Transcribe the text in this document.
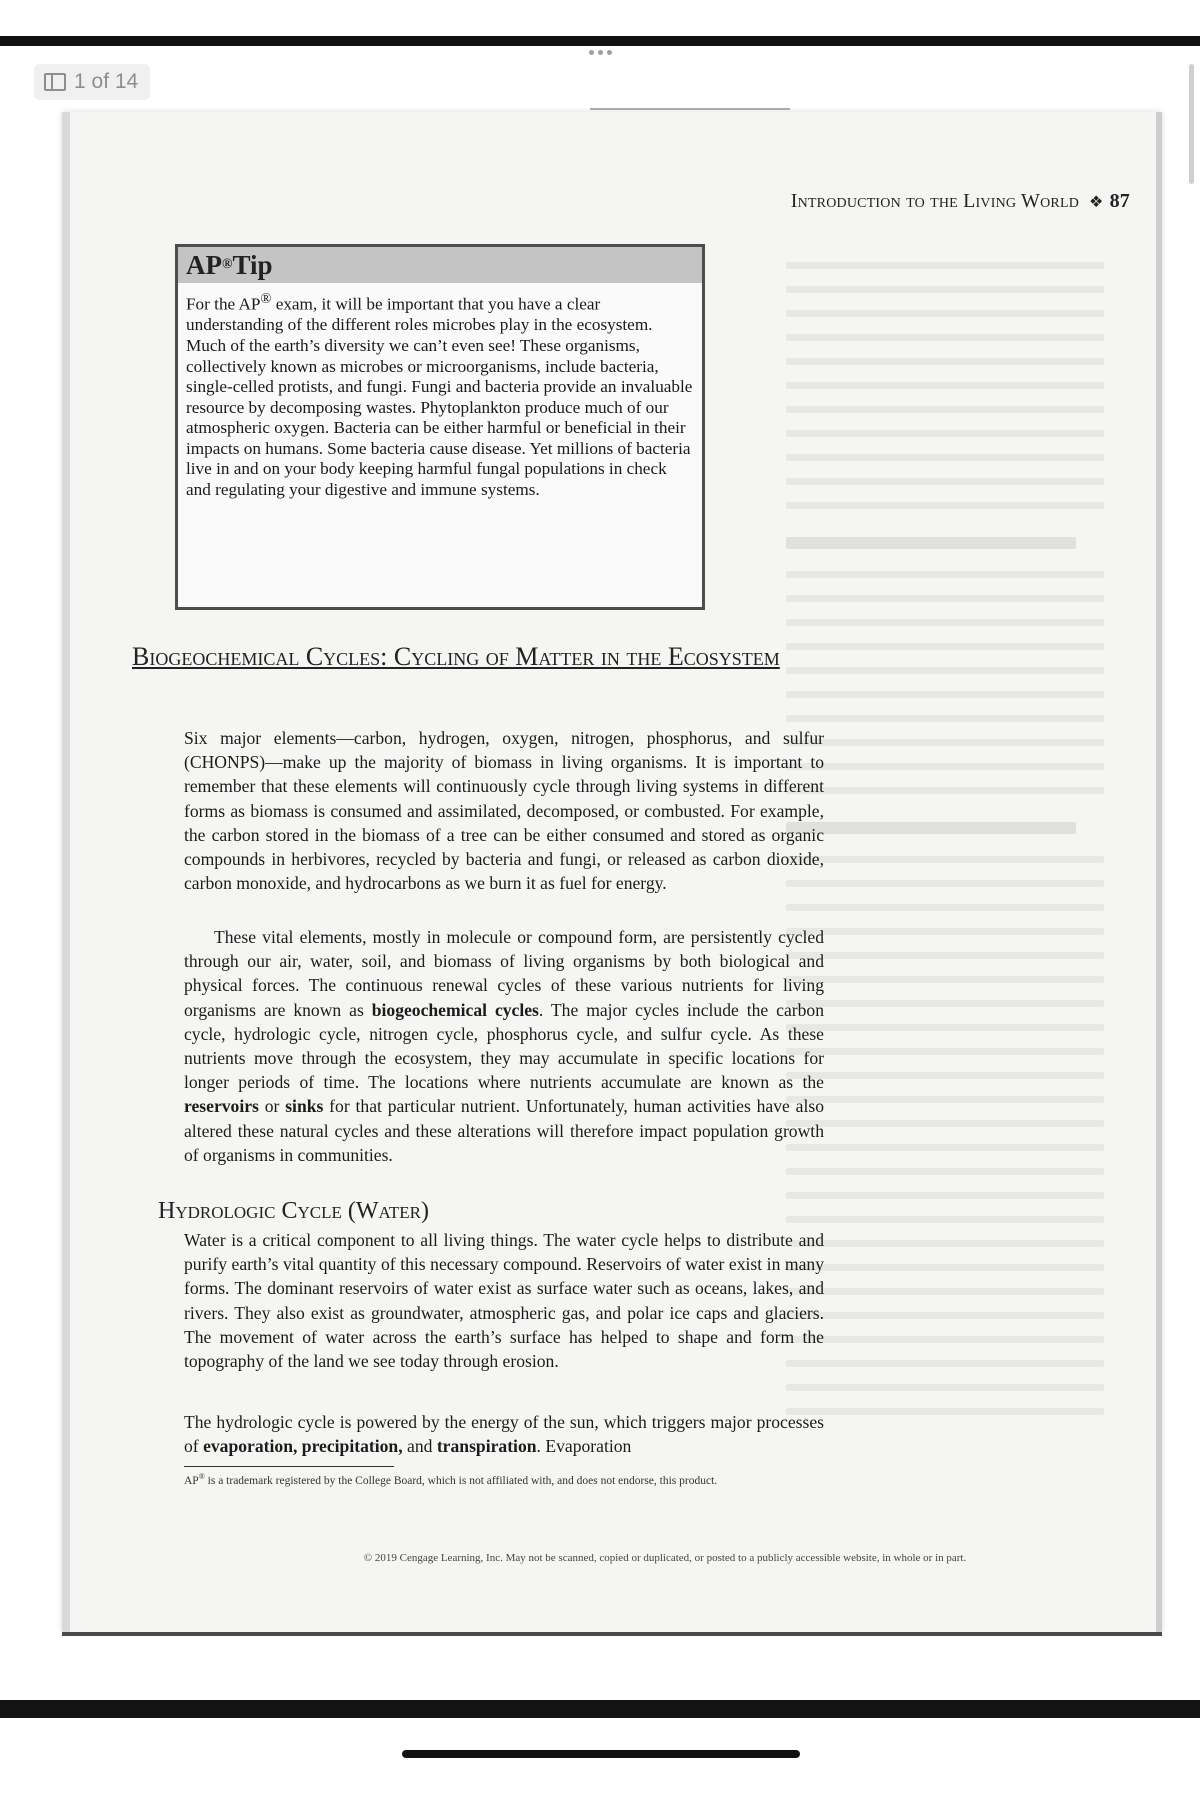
1 of 14
Introduction to the Living World ❖ 87
AP ® Tip

For the AP® exam, it will be important that you have a clear understanding of the different roles microbes play in the ecosystem. Much of the earth’s diversity we can’t even see! These organisms, collectively known as microbes or microorganisms, include bacteria, single-celled protists, and fungi. Fungi and bacteria provide an invaluable resource by decomposing wastes. Phytoplankton produce much of our atmospheric oxygen. Bacteria can be either harmful or beneficial in their impacts on humans. Some bacteria cause disease. Yet millions of bacteria live in and on your body keeping harmful fungal populations in check and regulating your digestive and immune systems.

Biogeochemical Cycles: Cycling of Matter in the Ecosystem

Six major elements—carbon, hydrogen, oxygen, nitrogen, phosphorus, and sulfur (CHONPS)—make up the majority of biomass in living organisms. It is important to remember that these elements will continuously cycle through living systems in different forms as biomass is consumed and assimilated, decomposed, or combusted. For example, the carbon stored in the biomass of a tree can be either consumed and stored as organic compounds in herbivores, recycled by bacteria and fungi, or released as carbon dioxide, carbon monoxide, and hydrocarbons as we burn it as fuel for energy.

These vital elements, mostly in molecule or compound form, are persistently cycled through our air, water, soil, and biomass of living organisms by both biological and physical forces. The continuous renewal cycles of these various nutrients for living organisms are known as biogeochemical cycles. The major cycles include the carbon cycle, hydrologic cycle, nitrogen cycle, phosphorus cycle, and sulfur cycle. As these nutrients move through the ecosystem, they may accumulate in specific locations for longer periods of time. The locations where nutrients accumulate are known as the reservoirs or sinks for that particular nutrient. Unfortunately, human activities have also altered these natural cycles and these alterations will therefore impact population growth of organisms in communities.

Hydrologic Cycle (Water)

Water is a critical component to all living things. The water cycle helps to distribute and purify earth’s vital quantity of this necessary compound. Reservoirs of water exist in many forms. The dominant reservoirs of water exist as surface water such as oceans, lakes, and rivers. They also exist as groundwater, atmospheric gas, and polar ice caps and glaciers. The movement of water across the earth’s surface has helped to shape and form the topography of the land we see today through erosion.

The hydrologic cycle is powered by the energy of the sun, which triggers major processes of evaporation, precipitation, and transpiration. Evaporation

AP® is a trademark registered by the College Board, which is not affiliated with, and does not endorse, this product.
© 2019 Cengage Learning, Inc. May not be scanned, copied or duplicated, or posted to a publicly accessible website, in whole or in part.
